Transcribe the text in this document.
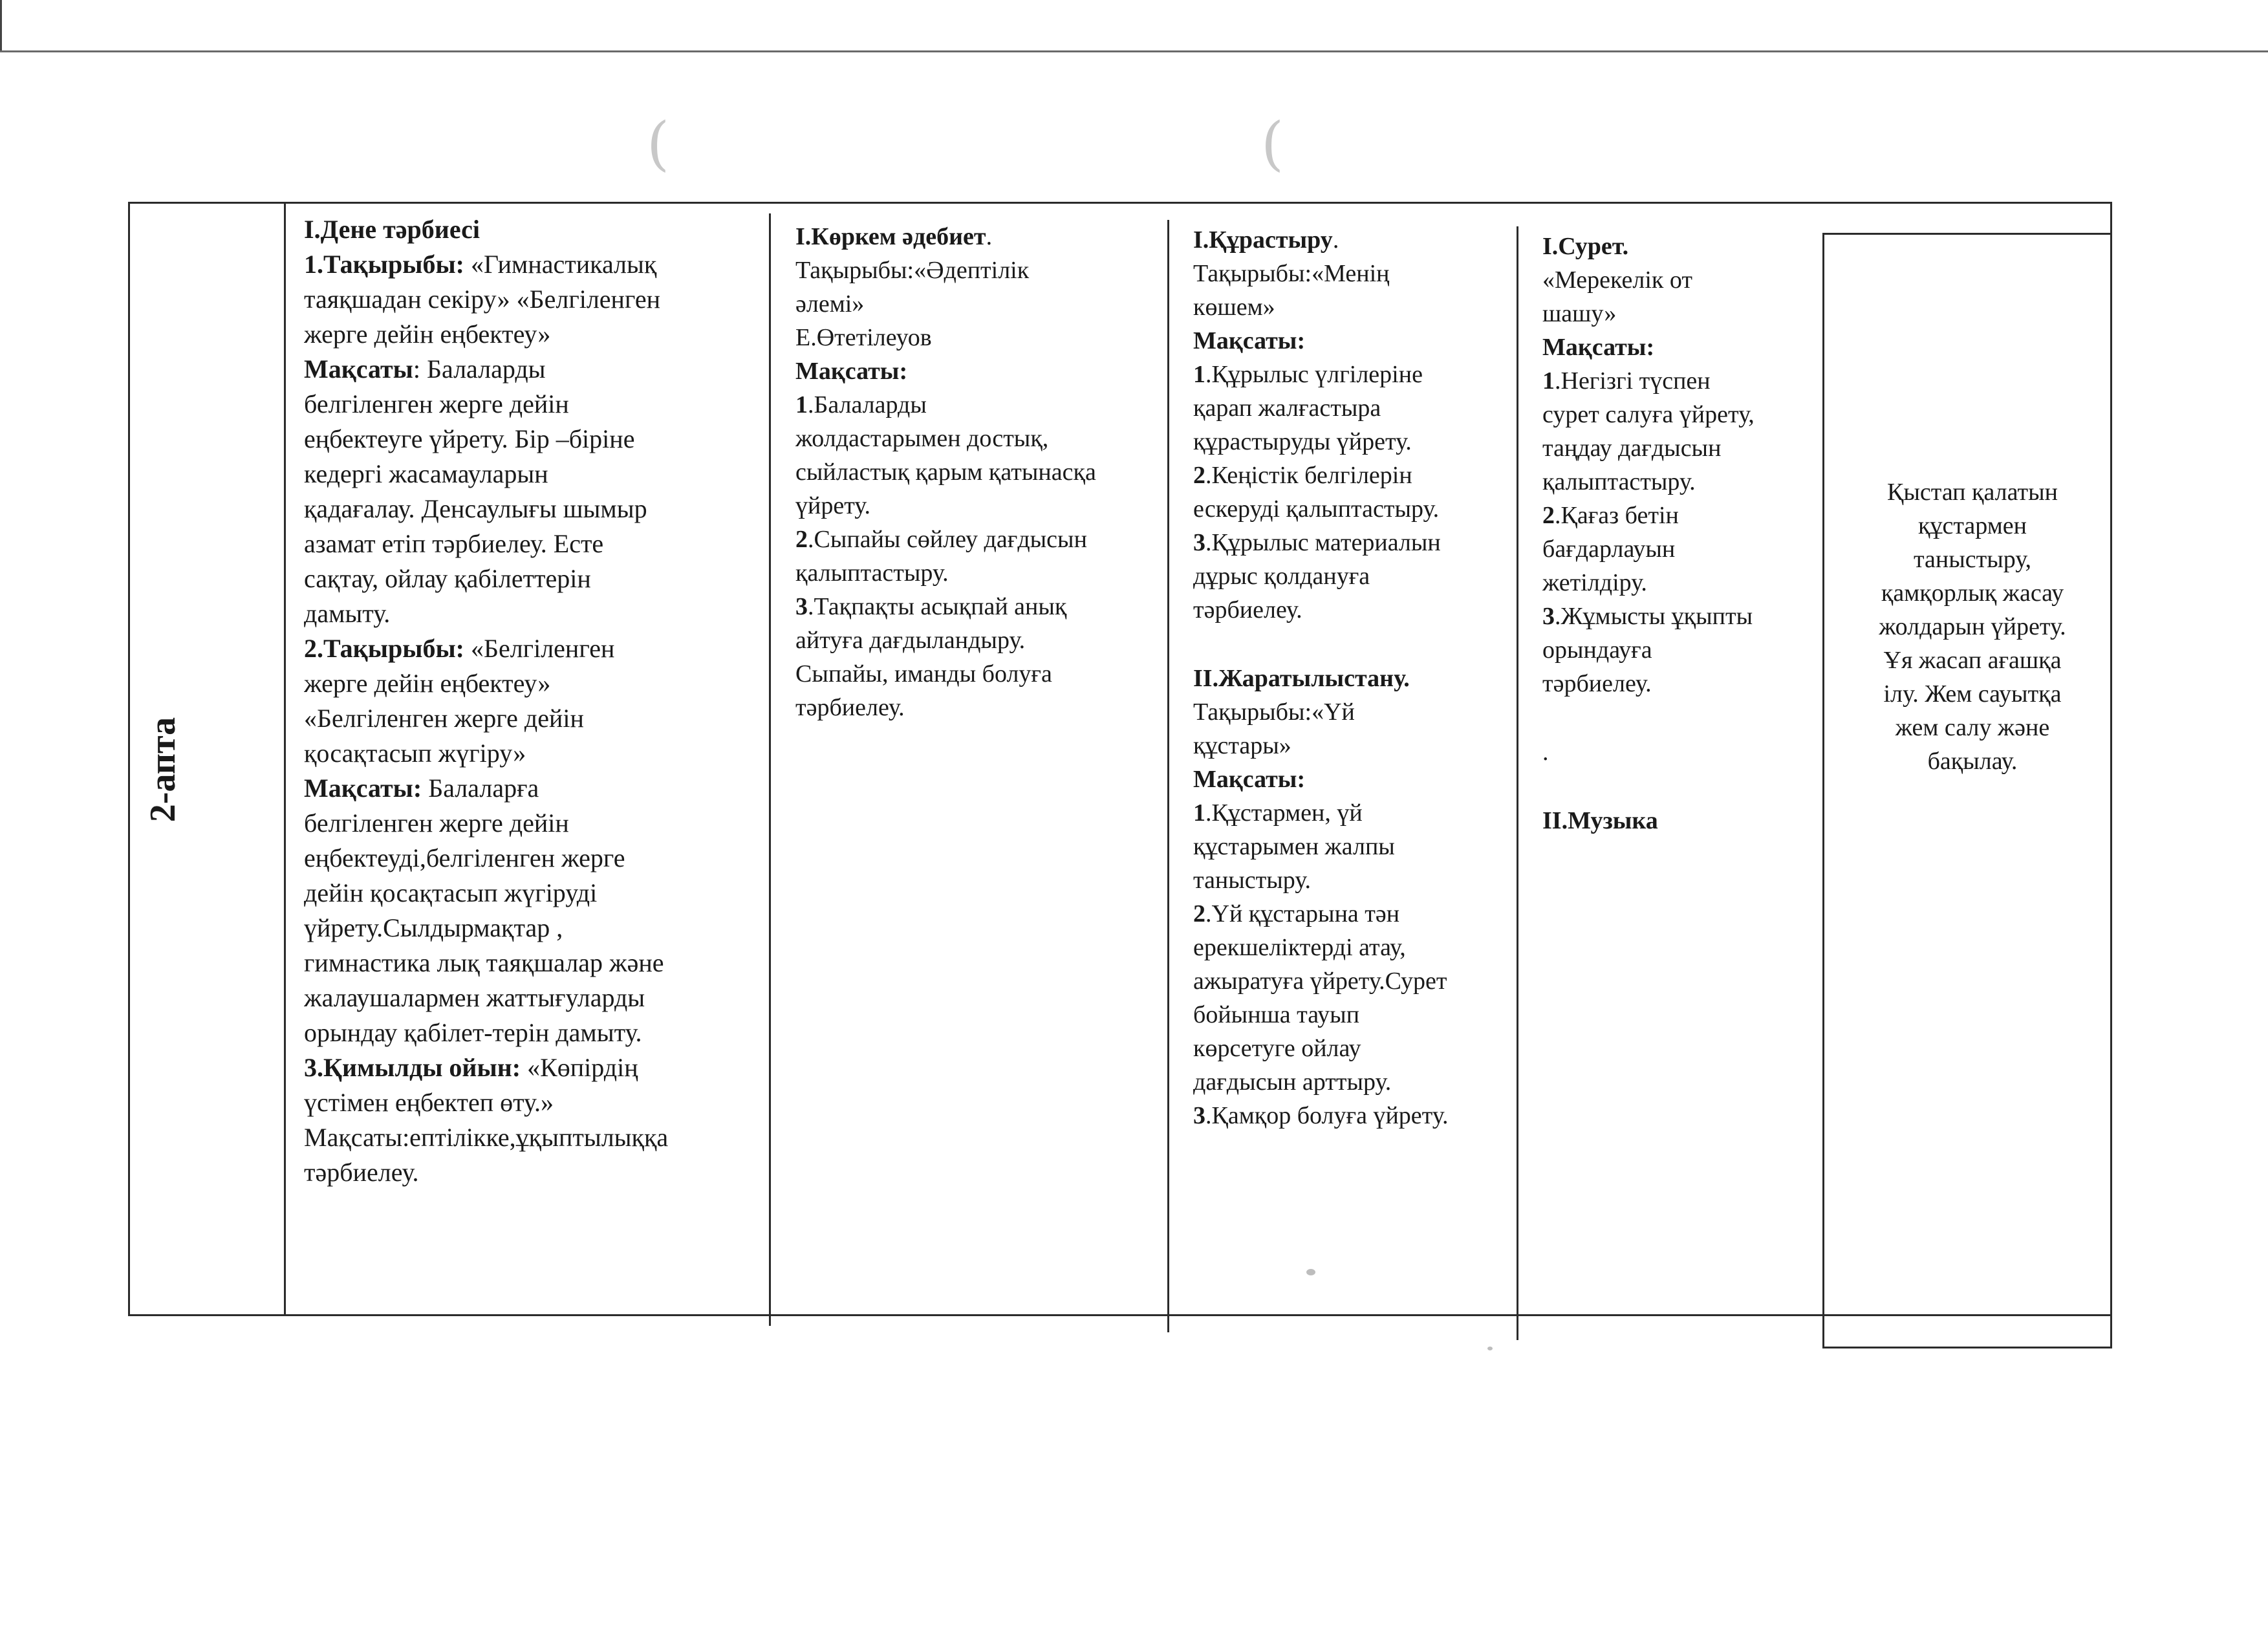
(	(
2-апта
I.Дене тәрбиесі
1.Тақырыбы: «Гимнастикалық
таяқшадан секіру» «Белгіленген
жерге дейін еңбектеу»
Мақсаты: Балаларды
белгіленген жерге дейін
еңбектеуге үйрету. Бір –біріне
кедергі жасамауларын
қадағалау. Денсаулығы шымыр
азамат етіп тәрбиелеу. Есте
сақтау, ойлау қабілеттерін
дамыту.
2.Тақырыбы: «Белгіленген
жерге дейін еңбектеу»
«Белгіленген жерге дейін
қосақтасып жүгіру»
Мақсаты: Балаларға
белгіленген жерге дейін
еңбектеуді,белгіленген жерге
дейін қосақтасып жүгіруді
үйрету.Сылдырмақтар ,
гимнастика лық таяқшалар және
жалаушалармен жаттығуларды
орындау қабілет-терін дамыту.
3.Қимылды ойын: «Көпірдің
үстімен еңбектеп өту.»
Мақсаты:ептілікке,ұқыптылыққа
тәрбиелеу.
I.Көркем әдебиет.
Тақырыбы:«Әдептілік
әлемі»
Е.Өтетілеуов
Мақсаты:
1.Балаларды
жолдастарымен достық,
сыйластық қарым қатынасқа
үйрету.
2.Сыпайы сөйлеу дағдысын
қалыптастыру.
3.Тақпақты асықпай анық
айтуға дағдыландыру.
Сыпайы, иманды болуға
тәрбиелеу.
I.Құрастыру.
Тақырыбы:«Менің
көшем»
Мақсаты:
1.Құрылыс үлгілеріне
қарап жалғастыра
құрастыруды үйрету.
2.Кеңістік белгілерін
ескеруді қалыптастыру.
3.Құрылыс материалын
дұрыс қолдануға
тәрбиелеу.
II.Жаратылыстану.
Тақырыбы:«Үй
құстары»
Мақсаты:
1.Құстармен, үй
құстарымен жалпы
таныстыру.
2.Үй құстарына тән
ерекшеліктерді атау,
ажыратуға үйрету.Сурет
бойынша тауып
көрсетуге ойлау
дағдысын арттыру.
3.Қамқор болуға үйрету.
I.Сурет.
«Мерекелік от
шашу»
Мақсаты:
1.Негізгі түспен
сурет салуға үйрету,
таңдау дағдысын
қалыптастыру.
2.Қағаз бетін
бағдарлауын
жетілдіру.
3.Жұмысты ұқыпты
орындауға
тәрбиелеу.
.
II.Музыка
Қыстап қалатын
құстармен
таныстыру,
қамқорлық жасау
жолдарын үйрету.
Ұя жасап ағашқа
ілу. Жем сауытқа
жем салу және
бақылау.
